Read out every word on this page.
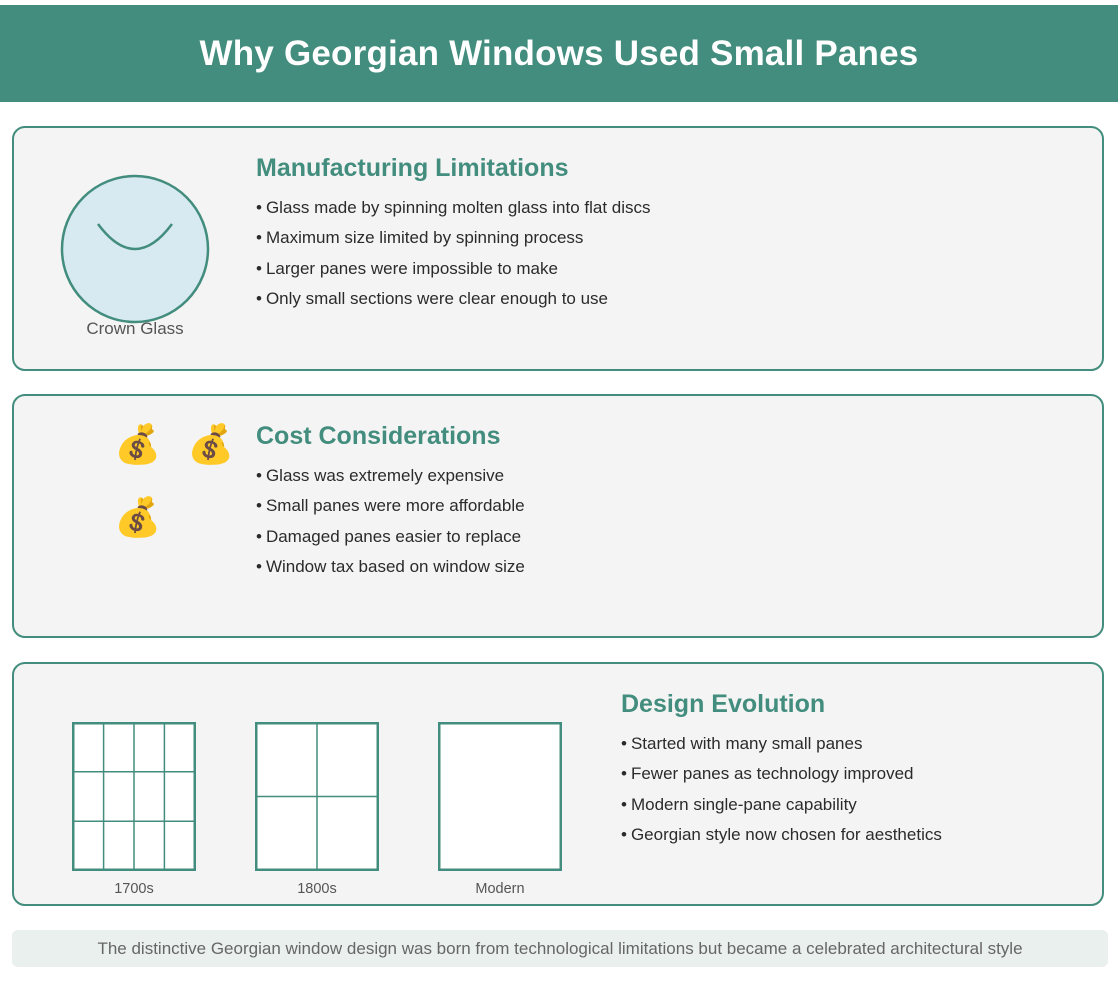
Why Georgian Windows Used Small Panes
Crown Glass
Manufacturing Limitations
• Glass made by spinning molten glass into flat discs
• Maximum size limited by spinning process
• Larger panes were impossible to make
• Only small sections were clear enough to use
💰 💰
💰
Cost Considerations
• Glass was extremely expensive
• Small panes were more affordable
• Damaged panes easier to replace
• Window tax based on window size
1700s	1800s	Modern
Design Evolution
• Started with many small panes
• Fewer panes as technology improved
• Modern single-pane capability
• Georgian style now chosen for aesthetics
The distinctive Georgian window design was born from technological limitations but became a celebrated architectural style
